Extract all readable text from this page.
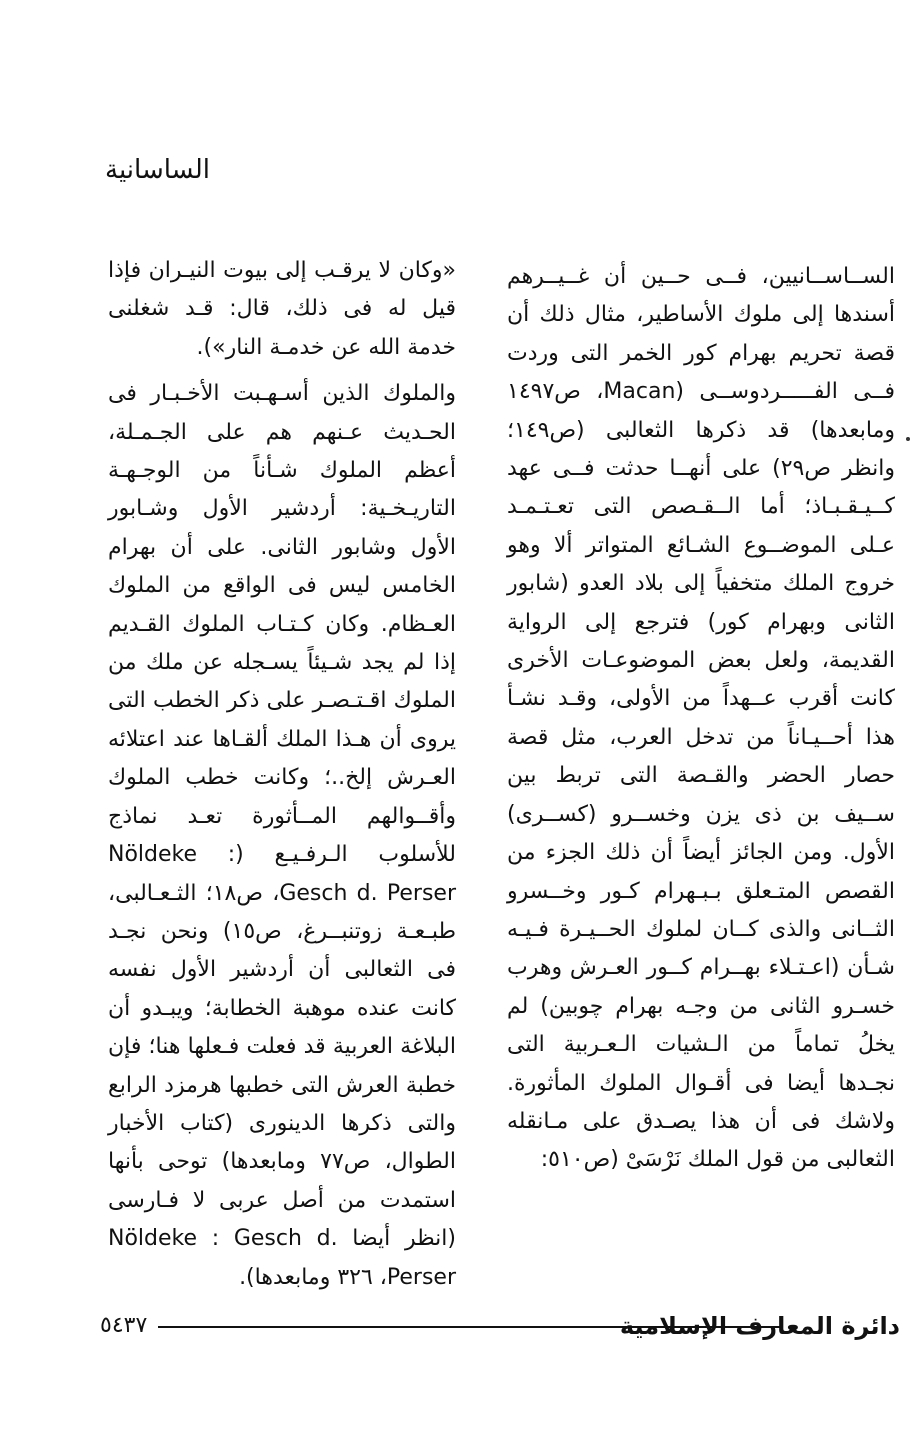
الساسانية

الســاســانيين، فــى حــين أن غــيــرهم أسندها إلى ملوك الأساطير، مثال ذلك أن قصة تحريم بهرام كور الخمر التى وردت فــى الفـــــردوســى (Macan، ص١٤٩٧ ومابعدها) قد ذكرها الثعالبى (ص١٤٩؛ وانظر ص٢٩) على أنهــا حدثت فــى عهد كــيـقـبـاذ؛ أما الــقـصص التى تعـتـمـد عـلى الموضــوع الشـائع المتواتر ألا وهو خروج الملك متخفياً إلى بلاد العدو (شابور الثانى وبهرام كور) فترجع إلى الرواية القديمة، ولعل بعض الموضوعـات الأخرى كانت أقرب عــهداً من الأولى، وقـد نشـأ هذا أحــيـاناً من تدخل العرب، مثل قصة حصار الحضر والقـصة التى تربط بين ســيف بن ذى يزن وخســرو (كســرى) الأول. ومن الجائز أيضاً أن ذلك الجزء من القصص المتـعلق بـبـهرام كـور وخــسرو الثــانى والذى كــان لملوك الحــيـرة فـيـه شـأن (اعـتـلاء بهــرام كــور العـرش وهرب خسـرو الثانى من وجـه بهرام چوبين) لم يخلُ تماماً من الـشيات الـعـربية التى نجـدها أيضا فى أقـوال الملوك المأثورة. ولاشك فى أن هذا يصـدق على مـانقله الثعالبى من قول الملك نَرْسَىْ (ص٥١٠:

«وكان لا يرقـب إلى بيوت النيـران فإذا قيل له فى ذلك، قال: قـد شغلنى خدمة الله عن خدمـة النار»).

والملوك الذين أسـهـبت الأخـبـار فى الحـديث عـنهم هم على الجـمـلة، أعظم الملوك شـأناً من الوجـهـة التاريـخـية: أردشير الأول وشـابور الأول وشابور الثانى. على أن بهرام الخامس ليس فى الواقع من الملوك العـظام. وكان كـتـاب الملوك القـديم إذا لم يجد شـيئاً يسـجله عن ملك من الملوك اقـتـصـر على ذكر الخطب التى يروى أن هـذا الملك ألقـاها عند اعتلائه العـرش إلخ..؛ وكانت خطب الملوك وأقــوالهم المــأثورة تعـد نماذج للأسلوب الـرفـيـع (Nöldeke : Gesch d. Perser، ص١٨؛ الثـعـالبى، طبـعـة زوتنبــرغ، ص١٥) ونحن نجـد فى الثعالبى أن أردشير الأول نفسه كانت عنده موهبة الخطابة؛ ويبـدو أن البلاغة العربية قد فعلت فـعلها هنا؛ فإن خطبة العرش التى خطبها هرمزد الرابع والتى ذكرها الدينورى (كتاب الأخبار الطوال، ص٧٧ ومابعدها) توحى بأنها استمدت من أصل عربى لا فـارسى (انظر أيضا Nöldeke : Gesch d. Perser، ٣٢٦ ومابعدها).

دائرة المعارف الإسلامية
٥٤٣٧
